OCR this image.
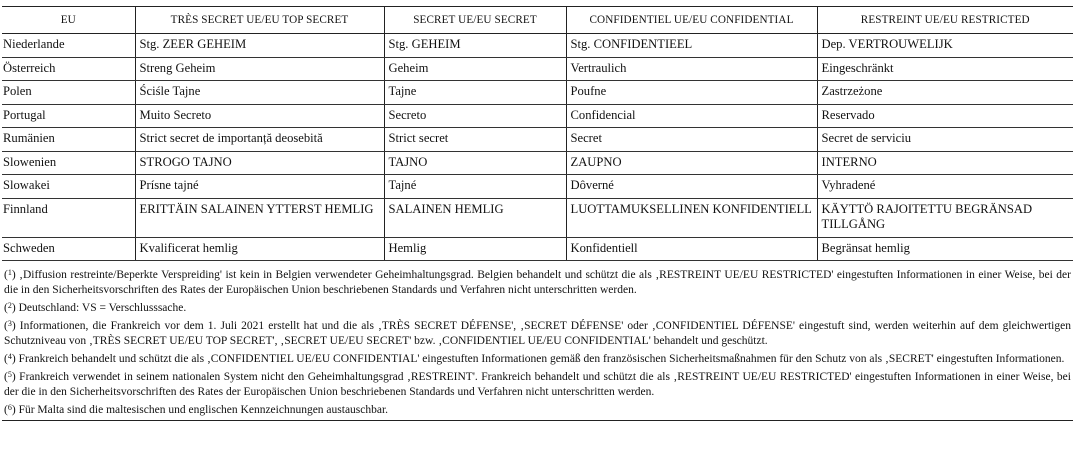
EU	TRÈS SECRET UE/EU TOP SECRET	SECRET UE/EU SECRET	CONFIDENTIEL UE/EU CONFIDENTIAL	RESTREINT UE/EU RESTRICTED
Niederlande	Stg. ZEER GEHEIM	Stg. GEHEIM	Stg. CONFIDENTIEEL	Dep. VERTROUWELIJK
Österreich	Streng Geheim	Geheim	Vertraulich	Eingeschränkt
Polen	Ściśle Tajne	Tajne	Poufne	Zastrzeżone
Portugal	Muito Secreto	Secreto	Confidencial	Reservado
Rumänien	Strict secret de importanță deosebită	Strict secret	Secret	Secret de serviciu
Slowenien	STROGO TAJNO	TAJNO	ZAUPNO	INTERNO
Slowakei	Prísne tajné	Tajné	Dôverné	Vyhradené
Finnland	ERITTÄIN SALAINEN YTTERST HEMLIG	SALAINEN HEMLIG	LUOTTAMUKSELLINEN KONFIDENTIELL	KÄYTTÖ RAJOITETTU BEGRÄNSAD TILLGÅNG
Schweden	Kvalificerat hemlig	Hemlig	Konfidentiell	Begränsat hemlig

($^1$) ‚Diffusion restreinte/Beperkte Verspreiding' ist kein in Belgien verwendeter Geheimhaltungsgrad. Belgien behandelt und schützt die als ‚RESTREINT UE/EU RESTRICTED' eingestuften Informationen in einer Weise, bei der die in den Sicherheitsvorschriften des Rates der Europäischen Union beschriebenen Standards und Verfahren nicht unterschritten werden.

($^2$) Deutschland: VS = Verschlusssache.

($^3$) Informationen, die Frankreich vor dem 1. Juli 2021 erstellt hat und die als ‚TRÈS SECRET DÉFENSE', ‚SECRET DÉFENSE' oder ‚CONFIDENTIEL DÉFENSE' eingestuft sind, werden weiterhin auf dem gleichwertigen Schutzniveau von ‚TRÈS SECRET UE/EU TOP SECRET', ‚SECRET UE/EU SECRET' bzw. ‚CONFIDENTIEL UE/EU CONFIDENTIAL' behandelt und geschützt.

($^4$) Frankreich behandelt und schützt die als ‚CONFIDENTIEL UE/EU CONFIDENTIAL' eingestuften Informationen gemäß den französischen Sicherheitsmaßnahmen für den Schutz von als ‚SECRET' eingestuften Informationen.

($^5$) Frankreich verwendet in seinem nationalen System nicht den Geheimhaltungsgrad ‚RESTREINT'. Frankreich behandelt und schützt die als ‚RESTREINT UE/EU RESTRICTED' eingestuften Informationen in einer Weise, bei der die in den Sicherheitsvorschriften des Rates der Europäischen Union beschriebenen Standards und Verfahren nicht unterschritten werden.

($^6$) Für Malta sind die maltesischen und englischen Kennzeichnungen austauschbar.
